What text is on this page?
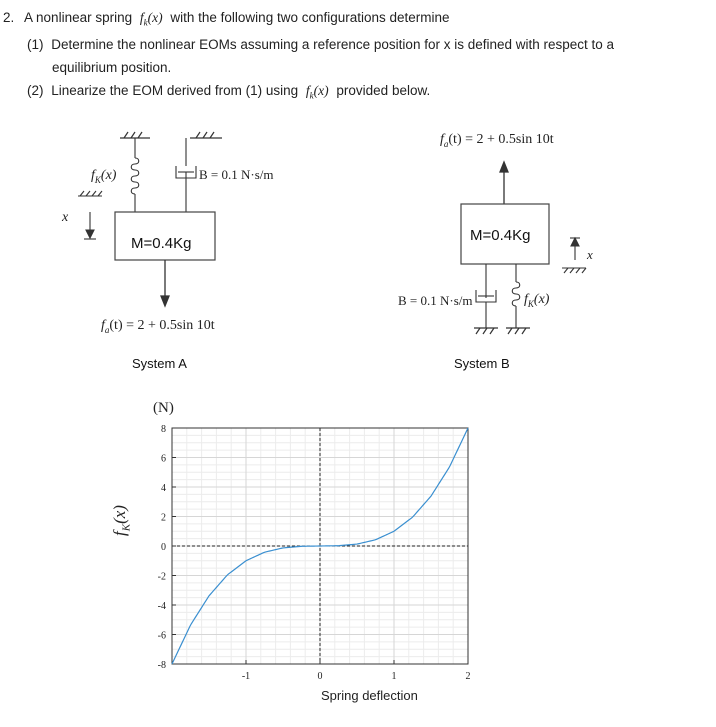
2. A nonlinear spring $f_k(x)$ with the following two configurations determine
(1) Determine the nonlinear EOMs assuming a reference position for x is defined with respect to a
equilibrium position.
(2) Linearize the EOM derived from (1) using $f_k(x)$ provided below.
$f_K(x)$	B = 0.1 N·s/m
x
M=0.4Kg
$f_a(t) = 2 + 0.5\sin$ 10t
System A
$f_a(t) = 2 + 0.5\sin$ 10t
M=0.4Kg
x
B = 0.1 N·s/m	$f_K(x)$
System B
(N)
$f_K(x)$
-8
-6
-4
-2
0
2
4
6
8
-1	0	1	2
Spring deflection
